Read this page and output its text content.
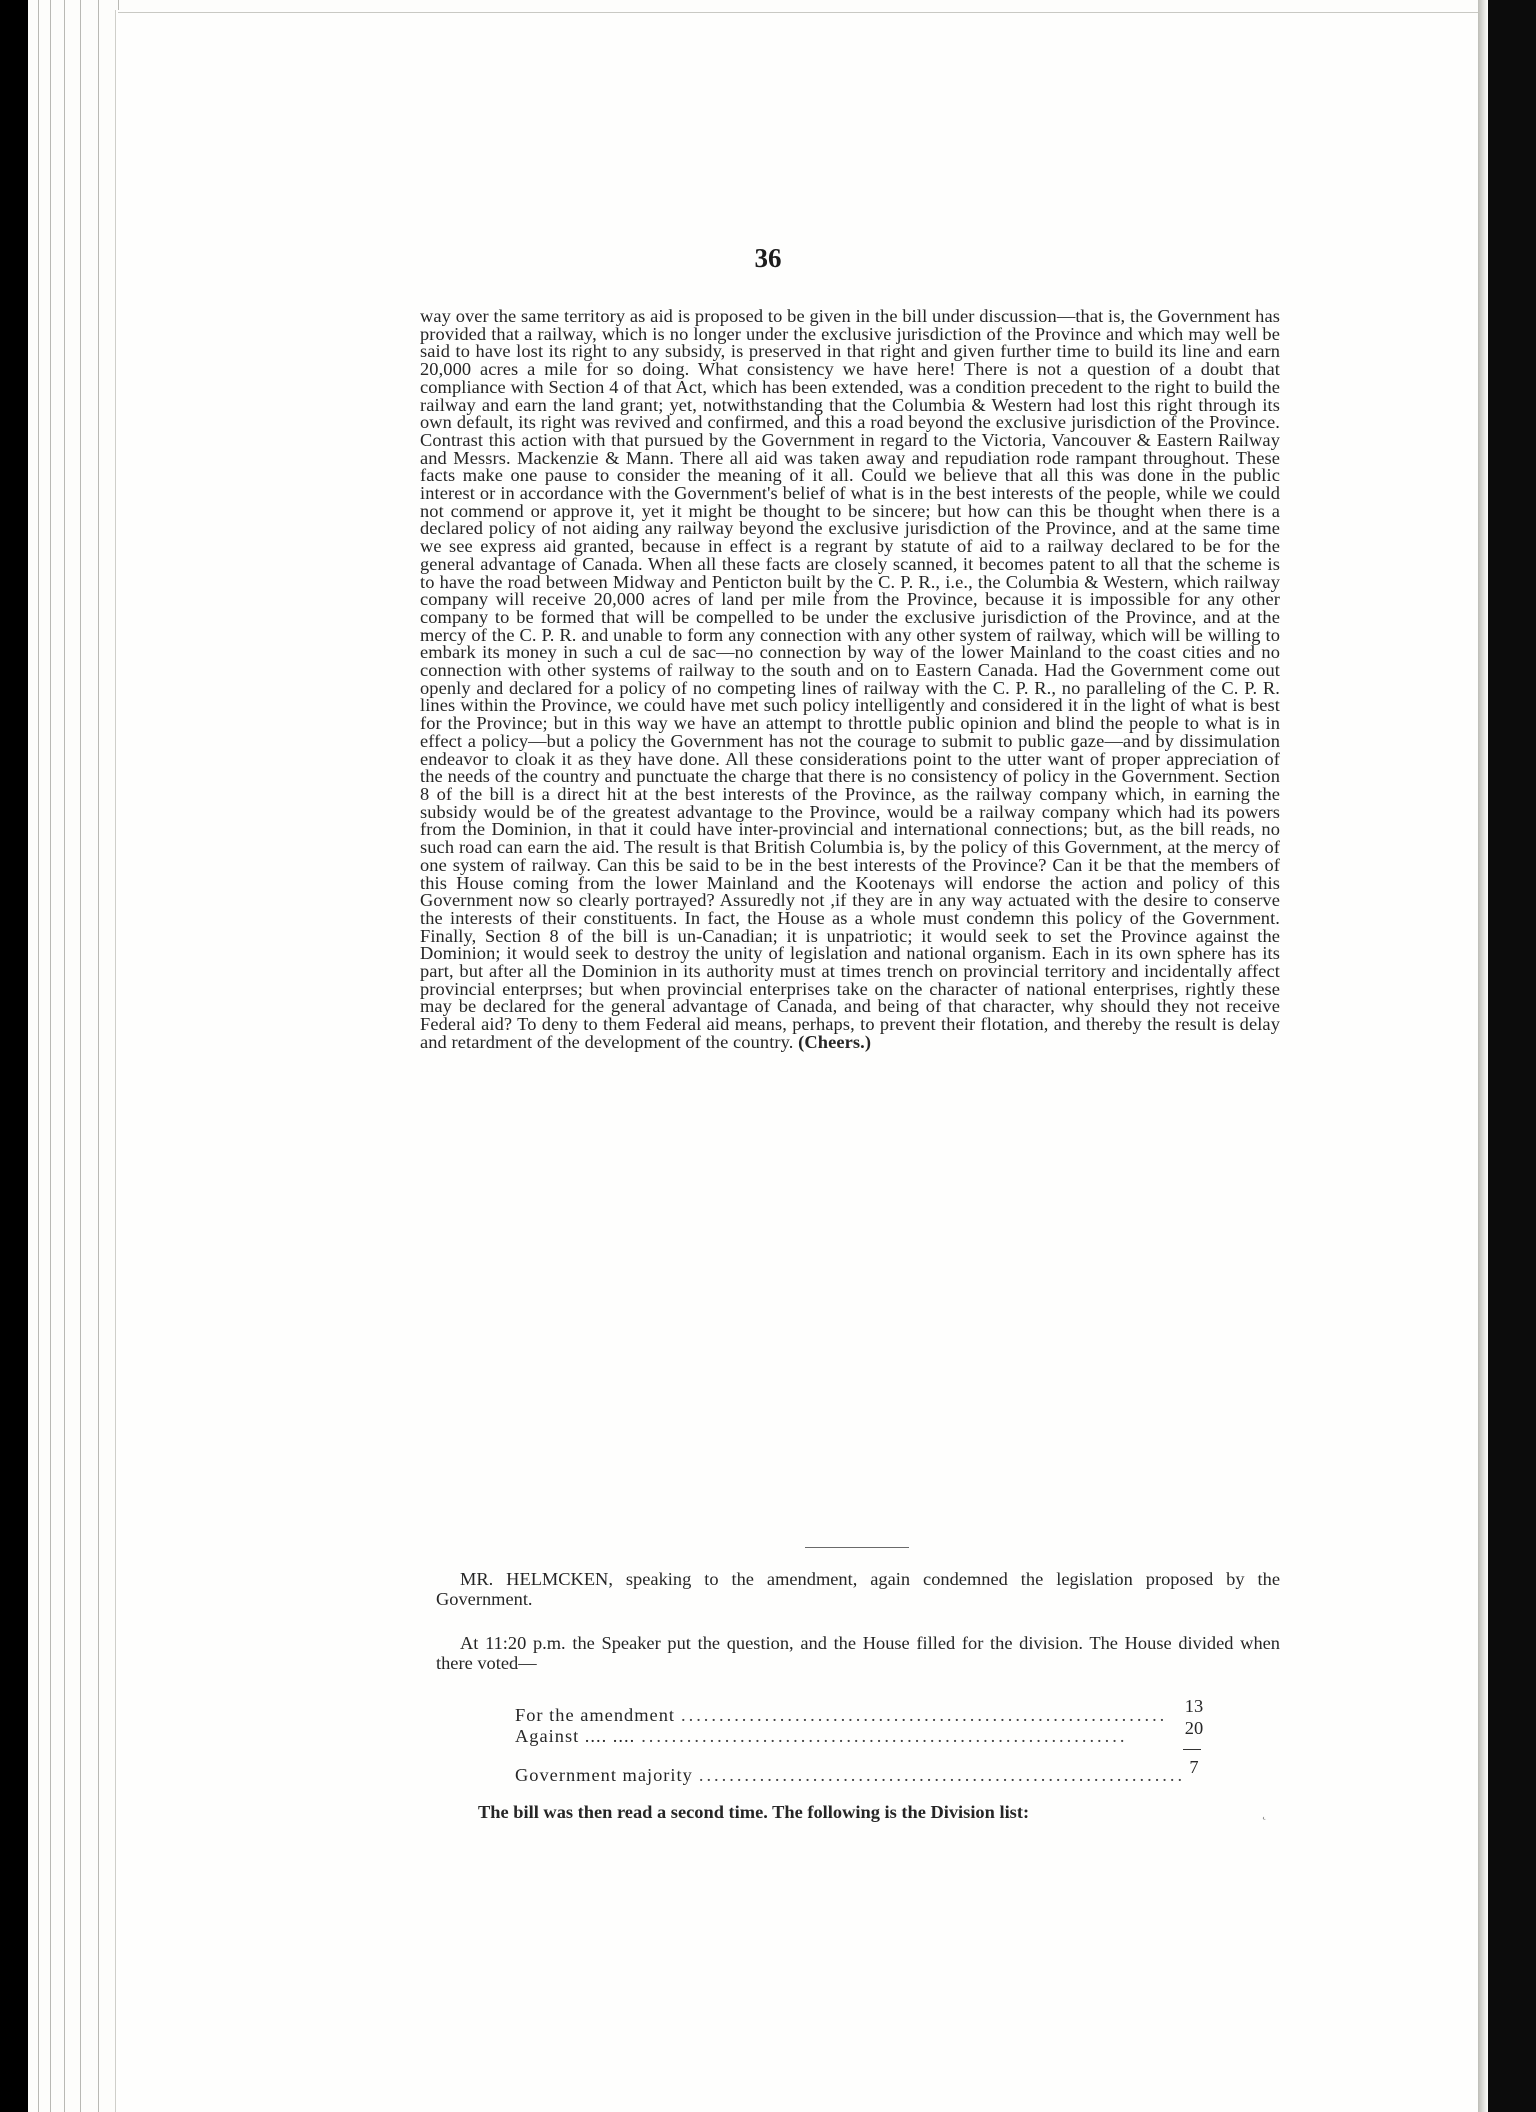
36

way over the same territory as aid is proposed to be given in the bill under discussion—that is, the Government has provided that a railway, which is no longer under the exclusive jurisdiction of the Province and which may well be said to have lost its right to any subsidy, is preserved in that right and given further time to build its line and earn 20,000 acres a mile for so doing. What consistency we have here! There is not a question of a doubt that compliance with Section 4 of that Act, which has been extended, was a condition precedent to the right to build the railway and earn the land grant; yet, notwithstanding that the Columbia & Western had lost this right through its own default, its right was revived and confirmed, and this a road beyond the exclusive jurisdiction of the Province. Contrast this action with that pursued by the Government in regard to the Victoria, Vancouver & Eastern Railway and Messrs. Mackenzie & Mann. There all aid was taken away and repudiation rode rampant throughout. These facts make one pause to consider the meaning of it all. Could we believe that all this was done in the public interest or in accordance with the Government's belief of what is in the best interests of the people, while we could not commend or approve it, yet it might be thought to be sincere; but how can this be thought when there is a declared policy of not aiding any railway beyond the exclusive jurisdiction of the Province, and at the same time we see express aid granted, because in effect is a regrant by statute of aid to a railway declared to be for the general advantage of Canada. When all these facts are closely scanned, it becomes patent to all that the scheme is to have the road between Midway and Penticton built by the C. P. R., i.e., the Columbia & Western, which railway company will receive 20,000 acres of land per mile from the Province, because it is impossible for any other company to be formed that will be compelled to be under the exclusive jurisdiction of the Province, and at the mercy of the C. P. R. and unable to form any connection with any other system of railway, which will be willing to embark its money in such a cul de sac—no connection by way of the lower Mainland to the coast cities and no connection with other systems of railway to the south and on to Eastern Canada. Had the Government come out openly and declared for a policy of no competing lines of railway with the C. P. R., no paralleling of the C. P. R. lines within the Province, we could have met such policy intelligently and considered it in the light of what is best for the Province; but in this way we have an attempt to throttle public opinion and blind the people to what is in effect a policy—but a policy the Government has not the courage to submit to public gaze—and by dissimulation endeavor to cloak it as they have done. All these considerations point to the utter want of proper appreciation of the needs of the country and punctuate the charge that there is no consistency of policy in the Government. Section 8 of the bill is a direct hit at the best interests of the Province, as the railway company which, in earning the subsidy would be of the greatest advantage to the Province, would be a railway company which had its powers from the Dominion, in that it could have inter-provincial and international connections; but, as the bill reads, no such road can earn the aid. The result is that British Columbia is, by the policy of this Government, at the mercy of one system of railway. Can this be said to be in the best interests of the Province? Can it be that the members of this House coming from the lower Mainland and the Kootenays will endorse the action and policy of this Government now so clearly portrayed? Assuredly not ,if they are in any way actuated with the desire to conserve the interests of their constituents. In fact, the House as a whole must condemn this policy of the Government. Finally, Section 8 of the bill is un-Canadian; it is unpatriotic; it would seek to set the Province against the Dominion; it would seek to destroy the unity of legislation and national organism. Each in its own sphere has its part, but after all the Dominion in its authority must at times trench on provincial territory and incidentally affect provincial enterprses; but when provincial enterprises take on the character of national enterprises, rightly these may be declared for the general advantage of Canada, and being of that character, why should they not receive Federal aid? To deny to them Federal aid means, perhaps, to prevent their flotation, and thereby the result is delay and retardment of the development of the country. (Cheers.)

MR. HELMCKEN, speaking to the amendment, again condemned the legislation proposed by the Government.

At 11:20 p.m. the Speaker put the question, and the House filled for the division. The House divided when there voted—

For the amendment ................................................................ 13
Against .... .... ................................................................	20
Government majority ................................................................ 7

The bill was then read a second time. The following is the Division list:	˛
